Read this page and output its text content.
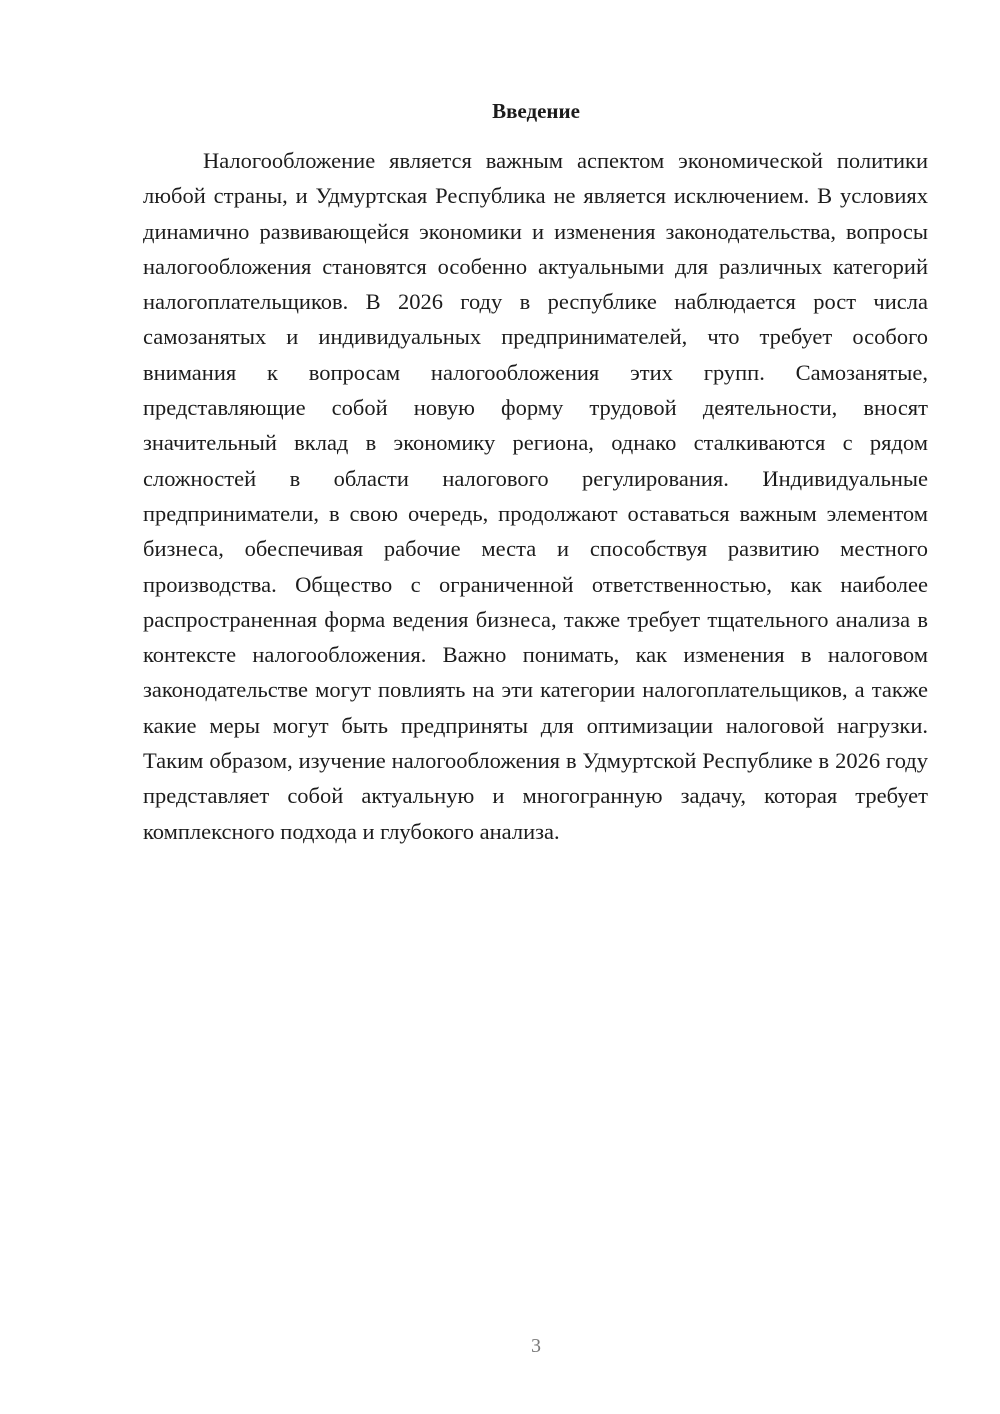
Введение

Налогообложение является важным аспектом экономической политики любой страны, и Удмуртская Республика не является исключением. В условиях динамично развивающейся экономики и изменения законодательства, вопросы налогообложения становятся особенно актуальными для различных категорий налогоплательщиков. В 2026 году в республике наблюдается рост числа самозанятых и индивидуальных предпринимателей, что требует особого внимания к вопросам налогообложения этих групп. Самозанятые, представляющие собой новую форму трудовой деятельности, вносят значительный вклад в экономику региона, однако сталкиваются с рядом сложностей в области налогового регулирования. Индивидуальные предприниматели, в свою очередь, продолжают оставаться важным элементом бизнеса, обеспечивая рабочие места и способствуя развитию местного производства. Общество с ограниченной ответственностью, как наиболее распространенная форма ведения бизнеса, также требует тщательного анализа в контексте налогообложения. Важно понимать, как изменения в налоговом законодательстве могут повлиять на эти категории налогоплательщиков, а также какие меры могут быть предприняты для оптимизации налоговой нагрузки. Таким образом, изучение налогообложения в Удмуртской Республике в 2026 году представляет собой актуальную и многогранную задачу, которая требует комплексного подхода и глубокого анализа.

3
